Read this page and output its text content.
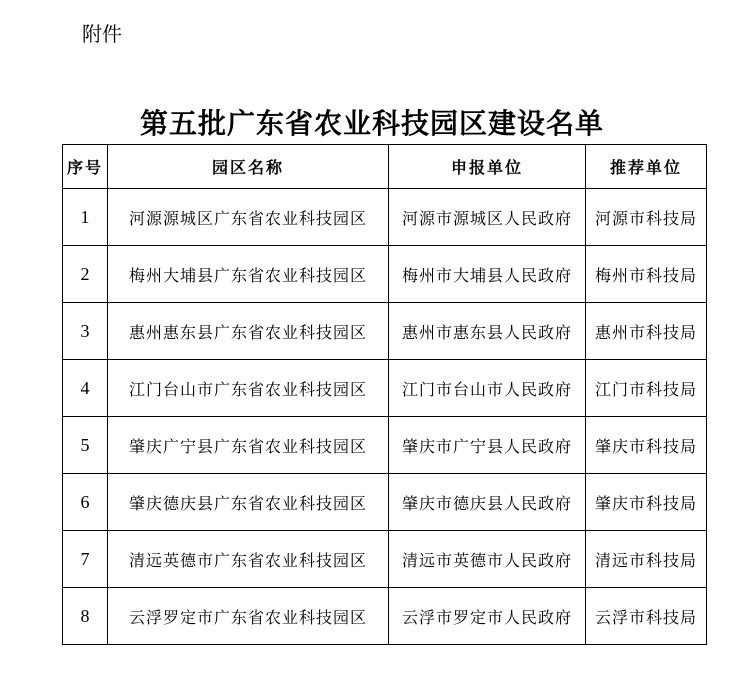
附件
第五批广东省农业科技园区建设名单
序号	园区名称	申报单位	推荐单位
1	河源源城区广东省农业科技园区	河源市源城区人民政府	河源市科技局
2	梅州大埔县广东省农业科技园区	梅州市大埔县人民政府	梅州市科技局
3	惠州惠东县广东省农业科技园区	惠州市惠东县人民政府	惠州市科技局
4	江门台山市广东省农业科技园区	江门市台山市人民政府	江门市科技局
5	肇庆广宁县广东省农业科技园区	肇庆市广宁县人民政府	肇庆市科技局
6	肇庆德庆县广东省农业科技园区	肇庆市德庆县人民政府	肇庆市科技局
7	清远英德市广东省农业科技园区	清远市英德市人民政府	清远市科技局
8	云浮罗定市广东省农业科技园区	云浮市罗定市人民政府	云浮市科技局
